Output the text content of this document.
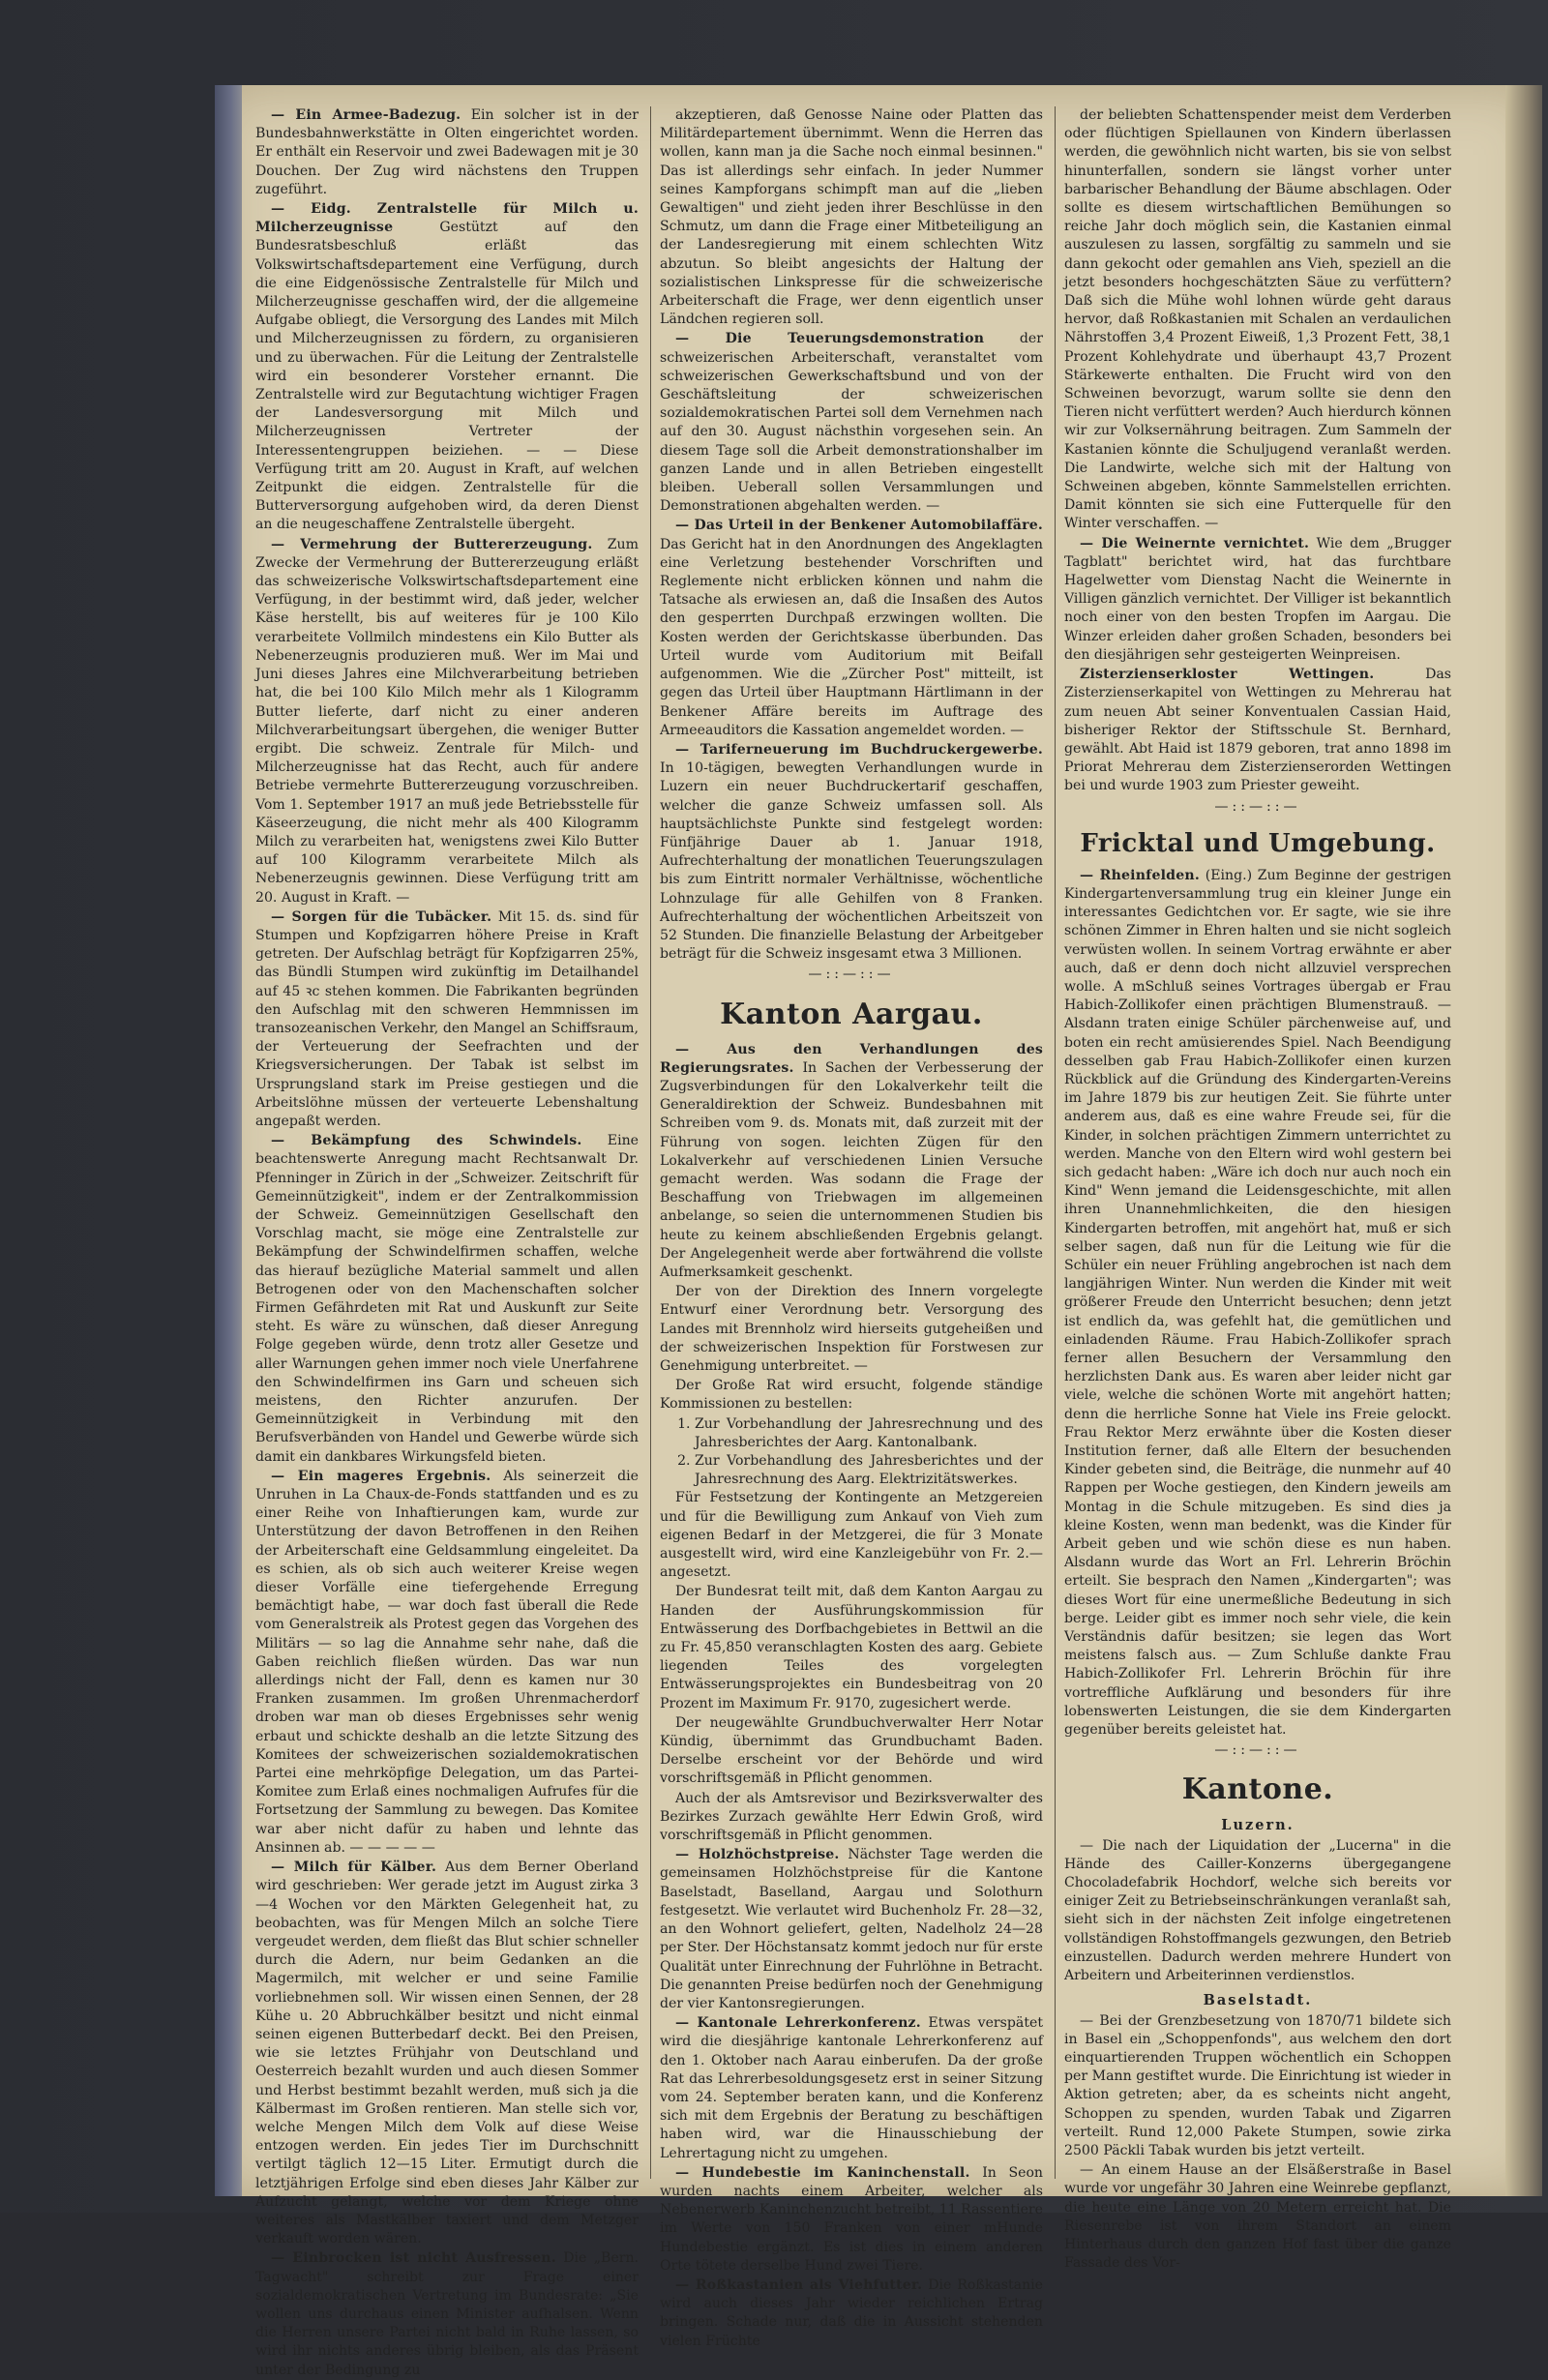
— Ein Armee-Badezug. Ein solcher ist in der Bundesbahnwerkstätte in Olten eingerichtet worden. Er enthält ein Reservoir und zwei Badewagen mit je 30 Douchen. Der Zug wird nächstens den Truppen zugeführt.

— Eidg. Zentralstelle für Milch u. Milcherzeugnisse	Gestützt auf den Bundesratsbeschluß erläßt das Volkswirtschaftsdepartement eine Verfügung, durch die eine Eidgenössische Zentralstelle für Milch und Milcherzeugnisse geschaffen wird, der die allgemeine Aufgabe obliegt, die Versorgung des Landes mit Milch und Milcherzeugnissen zu fördern, zu organisieren und zu überwachen. Für die Leitung der Zentralstelle wird ein besonderer Vorsteher ernannt. Die Zentralstelle wird zur Begutachtung wichtiger Fragen der Landesversorgung mit Milch und Milcherzeugnissen Vertreter der Interessentengruppen beiziehen. — — Diese Verfügung tritt am 20. August in Kraft, auf welchen Zeitpunkt die eidgen. Zentralstelle für die Butterversorgung aufgehoben wird, da deren Dienst an die neugeschaffene Zentralstelle übergeht.

— Vermehrung der Buttererzeugung. Zum Zwecke der Vermehrung der Buttererzeugung erläßt das schweizerische Volkswirtschaftsdepartement eine Verfügung, in der bestimmt wird, daß jeder, welcher Käse herstellt, bis auf weiteres für je 100 Kilo verarbeitete Vollmilch mindestens ein Kilo Butter als Nebenerzeugnis produzieren muß. Wer im Mai und Juni dieses Jahres eine Milchverarbeitung betrieben hat, die bei 100 Kilo Milch mehr als 1 Kilogramm Butter lieferte, darf nicht zu einer anderen Milchverarbeitungsart übergehen, die weniger Butter ergibt. Die schweiz. Zentrale für Milch- und Milcherzeugnisse hat das Recht, auch für andere Betriebe vermehrte Buttererzeugung vorzuschreiben. Vom 1. September 1917 an muß jede Betriebsstelle für Käseerzeugung, die nicht mehr als 400 Kilogramm Milch zu verarbeiten hat, wenigstens zwei Kilo Butter auf 100 Kilogramm verarbeitete Milch als Nebenerzeugnis gewinnen. Diese Verfügung tritt am 20. August in Kraft. —

— Sorgen für die Tubäcker. Mit 15. ds. sind für Stumpen und Kopfzigarren höhere Preise in Kraft getreten. Der Aufschlag beträgt für Kopfzigarren 25%, das Bündli Stumpen wird zukünftig im Detailhandel auf 45 ꝛc stehen kommen. Die Fabrikanten begründen den Aufschlag mit den schweren Hemmnissen im transozeanischen Verkehr, den Mangel an Schiffsraum, der Verteuerung der Seefrachten und der Kriegsversicherungen. Der Tabak ist selbst im Ursprungsland stark im Preise gestiegen und die Arbeitslöhne müssen der verteuerte Lebenshaltung angepaßt werden.

— Bekämpfung des Schwindels. Eine beachtenswerte Anregung macht Rechtsanwalt Dr. Pfenninger in Zürich in der „Schweizer. Zeitschrift für Gemeinnützigkeit", indem er der Zentralkommission der Schweiz. Gemeinnützigen Gesellschaft den Vorschlag macht, sie möge eine Zentralstelle zur Bekämpfung der Schwindelfirmen schaffen, welche das hierauf bezügliche Material sammelt und allen Betrogenen oder von den Machenschaften solcher Firmen Gefährdeten mit Rat und Auskunft zur Seite steht. Es wäre zu wünschen, daß dieser Anregung Folge gegeben würde, denn trotz aller Gesetze und aller Warnungen gehen immer noch viele Unerfahrene den Schwindelfirmen ins Garn und scheuen sich meistens, den Richter anzurufen. Der Gemeinnützigkeit in Verbindung mit den Berufsverbänden von Handel und Gewerbe würde sich damit ein dankbares Wirkungsfeld bieten.

— Ein mageres Ergebnis. Als seinerzeit die Unruhen in La Chaux-de-Fonds stattfanden und es zu einer Reihe von Inhaftierungen kam, wurde zur Unterstützung der davon Betroffenen in den Reihen der Arbeiterschaft eine Geldsammlung eingeleitet. Da es schien, als ob sich auch weiterer Kreise wegen dieser Vorfälle eine tiefergehende Erregung bemächtigt habe, — war doch fast überall die Rede vom Generalstreik als Protest gegen das Vorgehen des Militärs — so lag die Annahme sehr nahe, daß die Gaben reichlich fließen würden. Das war nun allerdings nicht der Fall, denn es kamen nur 30 Franken zusammen. Im großen Uhrenmacherdorf droben war man ob dieses Ergebnisses sehr wenig erbaut und schickte deshalb an die letzte Sitzung des Komitees der schweizerischen sozialdemokratischen Partei eine mehrköpfige Delegation, um das Partei-Komitee zum Erlaß eines nochmaligen Aufrufes für die Fortsetzung der Sammlung zu bewegen. Das Komitee war aber nicht dafür zu haben und lehnte das Ansinnen ab. — — — — —

— Milch für Kälber. Aus dem Berner Oberland wird geschrieben: Wer gerade jetzt im August zirka 3—4 Wochen vor den Märkten Gelegenheit hat, zu beobachten, was für Mengen Milch an solche Tiere vergeudet werden, dem fließt das Blut schier schneller durch die Adern, nur beim Gedanken an die Magermilch, mit welcher er und seine Familie vorliebnehmen soll. Wir wissen einen Sennen, der 28 Kühe u. 20 Abbruchkälber besitzt und nicht einmal seinen eigenen Butterbedarf deckt. Bei den Preisen, wie sie letztes Frühjahr von Deutschland und Oesterreich bezahlt wurden und auch diesen Sommer und Herbst bestimmt bezahlt werden, muß sich ja die Kälbermast im Großen rentieren. Man stelle sich vor, welche Mengen Milch dem Volk auf diese Weise entzogen werden. Ein jedes Tier im Durchschnitt vertilgt täglich 12—15 Liter. Ermutigt durch die letztjährigen Erfolge sind eben dieses Jahr Kälber zur Aufzucht gelangt, welche vor dem Kriege ohne weiteres als Mastkälber taxiert und dem Metzger verkauft worden wären.

— Einbrocken ist nicht Ausfressen. Die „Bern. Tagwacht" schreibt zur Frage einer sozialdemokratischen Vertretung im Bundesrate: „Sie wollen uns durchaus einen Minister aufhalsen. Wenn die Herren unsere Partei nicht bald in Ruhe lassen, so wird ihr nichts anderes übrig bleiben, als das Präsent unter der Bedingung zu

akzeptieren, daß Genosse Naine oder Platten das Militärdepartement übernimmt. Wenn die Herren das wollen, kann man ja die Sache noch einmal besinnen." Das ist allerdings sehr einfach. In jeder Nummer seines Kampforgans schimpft man auf die „lieben Gewaltigen" und zieht jeden ihrer Beschlüsse in den Schmutz, um dann die Frage einer Mitbeteiligung an der Landesregierung mit einem schlechten Witz abzutun. So bleibt angesichts der Haltung der sozialistischen Linkspresse für die schweizerische Arbeiterschaft die Frage, wer denn eigentlich unser Ländchen regieren soll.

— Die Teuerungsdemonstration	der schweizerischen Arbeiterschaft, veranstaltet vom schweizerischen Gewerkschaftsbund und von der Geschäftsleitung der schweizerischen sozialdemokratischen Partei soll dem Vernehmen nach auf den 30. August nächsthin vorgesehen sein. An diesem Tage soll die Arbeit demonstrationshalber im ganzen Lande und in allen Betrieben eingestellt bleiben. Ueberall sollen Versammlungen und Demonstrationen abgehalten werden. —

— Das Urteil in der Benkener Automobilaffäre. Das Gericht hat in den Anordnungen des Angeklagten eine Verletzung bestehender Vorschriften und Reglemente nicht erblicken können und nahm die Tatsache als erwiesen an, daß die Insaßen des Autos den gesperrten Durchpaß erzwingen wollten. Die Kosten werden der Gerichtskasse überbunden. Das Urteil wurde vom Auditorium mit Beifall aufgenommen. Wie die „Zürcher Post" mitteilt, ist gegen das Urteil über Hauptmann Härtlimann in der Benkener Affäre bereits im Auftrage des Armeeauditors die Kassation angemeldet worden. —

— Tariferneuerung im Buchdruckergewerbe. In 10-tägigen, bewegten Verhandlungen wurde in Luzern ein neuer Buchdruckertarif geschaffen, welcher die ganze Schweiz umfassen soll. Als hauptsächlichste Punkte sind festgelegt worden: Fünfjährige Dauer ab 1. Januar 1918, Aufrechterhaltung der monatlichen Teuerungszulagen bis zum Eintritt normaler Verhältnisse, wöchentliche Lohnzulage für alle Gehilfen von 8 Franken. Aufrechterhaltung der wöchentlichen Arbeitszeit von 52 Stunden. Die finanzielle Belastung der Arbeitgeber beträgt für die Schweiz insgesamt etwa 3 Millionen.

—::—::—
Kanton Aargau.

— Aus den Verhandlungen des Regierungsrates. In Sachen der Verbesserung der Zugsverbindungen für den Lokalverkehr teilt die Generaldirektion der Schweiz. Bundesbahnen mit Schreiben vom 9. ds. Monats mit, daß zurzeit mit der Führung von sogen. leichten Zügen für den Lokalverkehr auf verschiedenen Linien Versuche gemacht werden. Was sodann die Frage der Beschaffung von Triebwagen im allgemeinen anbelange, so seien die unternommenen Studien bis heute zu keinem abschließenden Ergebnis gelangt. Der Angelegenheit werde aber fortwährend die vollste Aufmerksamkeit geschenkt.

Der von der Direktion des Innern vorgelegte Entwurf einer Verordnung betr. Versorgung des Landes mit Brennholz wird hierseits gutgeheißen und der schweizerischen Inspektion für Forstwesen zur Genehmigung unterbreitet. —

Der Große Rat wird ersucht, folgende ständige Kommissionen zu bestellen:

1. Zur Vorbehandlung der Jahresrechnung und des Jahresberichtes der Aarg. Kantonalbank.
2. Zur Vorbehandlung des Jahresberichtes und der Jahresrechnung des Aarg. Elektrizitätswerkes.

Für Festsetzung der Kontingente an Metzgereien und für die Bewilligung zum Ankauf von Vieh zum eigenen Bedarf in der Metzgerei, die für 3 Monate ausgestellt wird, wird eine Kanzleigebühr von Fr. 2.— angesetzt.

Der Bundesrat teilt mit, daß dem Kanton Aargau zu Handen der Ausführungskommission für Entwässerung des Dorfbachgebietes in Bettwil an die zu Fr. 45,850 veranschlagten Kosten des aarg. Gebiete liegenden Teiles des vorgelegten Entwässerungsprojektes ein Bundesbeitrag von 20 Prozent im Maximum Fr. 9170, zugesichert werde.

Der neugewählte Grundbuchverwalter Herr Notar Kündig, übernimmt das Grundbuchamt Baden. Derselbe erscheint vor der Behörde und wird vorschriftsgemäß in Pflicht genommen.

Auch der als Amtsrevisor und Bezirksverwalter des Bezirkes Zurzach gewählte Herr Edwin Groß, wird vorschriftsgemäß in Pflicht genommen.

— Holzhöchstpreise. Nächster Tage werden die gemeinsamen Holzhöchstpreise für die Kantone Baselstadt, Baselland, Aargau und Solothurn festgesetzt. Wie verlautet wird Buchenholz Fr. 28—32, an den Wohnort geliefert, gelten, Nadelholz 24—28 per Ster. Der Höchstansatz kommt jedoch nur für erste Qualität unter Einrechnung der Fuhrlöhne in Betracht. Die genannten Preise bedürfen noch der Genehmigung der vier Kantonsregierungen.

— Kantonale Lehrerkonferenz. Etwas verspätet wird die diesjährige kantonale Lehrerkonferenz auf den 1. Oktober nach Aarau einberufen. Da der große Rat das Lehrerbesoldungsgesetz erst in seiner Sitzung vom 24. September beraten kann, und die Konferenz sich mit dem Ergebnis der Beratung zu beschäftigen haben wird, war die Hinausschiebung der Lehrertagung nicht zu umgehen.

— Hundebestie im Kaninchenstall. In Seon wurden nachts einem Arbeiter, welcher als Nebenerwerb Kaninchenzucht betreibt, 11 Rassentiere im Werte von 150 Franken von einer mHunde Hundebestie ergänzt. Es ist dies in einem anderen Orte tötete derselbe Hund zwei Tiere.

— Roßkastanien als Viehfutter. Die Roßkastanie wird auch dieses Jahr wieder reichlichen Ertrag bringen. Schade nur, daß die in Aussicht stehenden vielen Früchte

der beliebten Schattenspender meist dem Verderben oder flüchtigen Spiellaunen von Kindern überlassen werden, die gewöhnlich nicht warten, bis sie von selbst hinunterfallen, sondern sie längst vorher unter barbarischer Behandlung der Bäume abschlagen. Oder sollte es diesem wirtschaftlichen Bemühungen so reiche Jahr doch möglich sein, die Kastanien einmal auszulesen zu lassen, sorgfältig zu sammeln und sie dann gekocht oder gemahlen ans Vieh, speziell an die jetzt besonders hochgeschätzten Säue zu verfüttern? Daß sich die Mühe wohl lohnen würde geht daraus hervor, daß Roßkastanien mit Schalen an verdaulichen Nährstoffen 3,4 Prozent Eiweiß, 1,3 Prozent Fett, 38,1 Prozent Kohlehydrate und überhaupt 43,7 Prozent Stärkewerte enthalten. Die Frucht wird von den Schweinen bevorzugt, warum sollte sie denn den Tieren nicht verfüttert werden? Auch hierdurch können wir zur Volksernährung beitragen. Zum Sammeln der Kastanien könnte die Schuljugend veranlaßt werden. Die Landwirte, welche sich mit der Haltung von Schweinen abgeben, könnte Sammelstellen errichten. Damit könnten sie sich eine Futterquelle für den Winter verschaffen. —

— Die Weinernte vernichtet. Wie dem „Brugger Tagblatt" berichtet wird, hat das furchtbare Hagelwetter vom Dienstag Nacht die Weinernte in Villigen gänzlich vernichtet. Der Villiger ist bekanntlich noch einer von den besten Tropfen im Aargau. Die Winzer erleiden daher großen Schaden, besonders bei den diesjährigen sehr gesteigerten Weinpreisen.

Zisterzienserkloster Wettingen.	Das Zisterzienserkapitel von Wettingen zu Mehrerau hat zum neuen Abt seiner Konventualen Cassian Haid, bisheriger Rektor der Stiftsschule St. Bernhard, gewählt. Abt Haid ist 1879 geboren, trat anno 1898 im Priorat Mehrerau dem Zisterzienserorden Wettingen bei und wurde 1903 zum Priester geweiht.

—::—::—
Fricktal und Umgebung.

— Rheinfelden. (Eing.) Zum Beginne der gestrigen Kindergartenversammlung trug ein kleiner Junge ein interessantes Gedichtchen vor. Er sagte, wie sie ihre schönen Zimmer in Ehren halten und sie nicht sogleich verwüsten wollen. In seinem Vortrag erwähnte er aber auch, daß er denn doch nicht allzuviel versprechen wolle. A mSchluß seines Vortrages übergab er Frau Habich-Zollikofer einen prächtigen Blumenstrauß. — Alsdann traten einige Schüler pärchenweise auf, und boten ein recht amüsierendes Spiel. Nach Beendigung desselben gab Frau Habich-Zollikofer einen kurzen Rückblick auf die Gründung des Kindergarten-Vereins im Jahre 1879 bis zur heutigen Zeit. Sie führte unter anderem aus, daß es eine wahre Freude sei, für die Kinder, in solchen prächtigen Zimmern unterrichtet zu werden. Manche von den Eltern wird wohl gestern bei sich gedacht haben: „Wäre ich doch nur auch noch ein Kind" Wenn jemand die Leidensgeschichte, mit allen ihren Unannehmlichkeiten, die den hiesigen Kindergarten betroffen, mit angehört hat, muß er sich selber sagen, daß nun für die Leitung wie für die Schüler ein neuer Frühling angebrochen ist nach dem langjährigen Winter. Nun werden die Kinder mit weit größerer Freude den Unterricht besuchen; denn jetzt ist endlich da, was gefehlt hat, die gemütlichen und einladenden Räume. Frau Habich-Zollikofer sprach ferner allen Besuchern der Versammlung den herzlichsten Dank aus. Es waren aber leider nicht gar viele, welche die schönen Worte mit angehört hatten; denn die herrliche Sonne hat Viele ins Freie gelockt. Frau Rektor Merz erwähnte über die Kosten dieser Institution ferner, daß alle Eltern der besuchenden Kinder gebeten sind, die Beiträge, die nunmehr auf 40 Rappen per Woche gestiegen, den Kindern jeweils am Montag in die Schule mitzugeben. Es sind dies ja kleine Kosten, wenn man bedenkt, was die Kinder für Arbeit geben und wie schön diese es nun haben. Alsdann wurde das Wort an Frl. Lehrerin Bröchin erteilt. Sie besprach den Namen „Kindergarten"; was dieses Wort für eine unermeßliche Bedeutung in sich berge. Leider gibt es immer noch sehr viele, die kein Verständnis dafür besitzen; sie legen das Wort meistens falsch aus. — Zum Schluße dankte Frau Habich-Zollikofer Frl. Lehrerin Bröchin für ihre vortreffliche Aufklärung und besonders für ihre lobenswerten Leistungen, die sie dem Kindergarten gegenüber bereits geleistet hat.

—::—::—
Kantone.
Luzern.

— Die nach der Liquidation der „Lucerna" in die Hände des Cailler-Konzerns übergegangene Chocoladefabrik Hochdorf, welche sich bereits vor einiger Zeit zu Betriebseinschränkungen veranlaßt sah, sieht sich in der nächsten Zeit infolge eingetretenen vollständigen Rohstoffmangels gezwungen, den Betrieb einzustellen. Dadurch werden mehrere Hundert von Arbeitern und Arbeiterinnen verdienstlos.

Baselstadt.

— Bei der Grenzbesetzung von 1870/71 bildete sich in Basel ein „Schoppenfonds", aus welchem den dort einquartierenden Truppen wöchentlich ein Schoppen per Mann gestiftet wurde. Die Einrichtung ist wieder in Aktion getreten; aber, da es scheints nicht angeht, Schoppen zu spenden, wurden Tabak und Zigarren verteilt. Rund 12,000 Pakete Stumpen, sowie zirka 2500 Päckli Tabak wurden bis jetzt verteilt.

— An einem Hause an der Elsäßerstraße in Basel wurde vor ungefähr 30 Jahren eine Weinrebe gepflanzt, die heute eine Länge von 20 Metern erreicht hat. Die Riesenrebe ist von ihrem Standort an einem Hinterhaus durch den ganzen Hof fast über die ganze Fassade des Vor-
